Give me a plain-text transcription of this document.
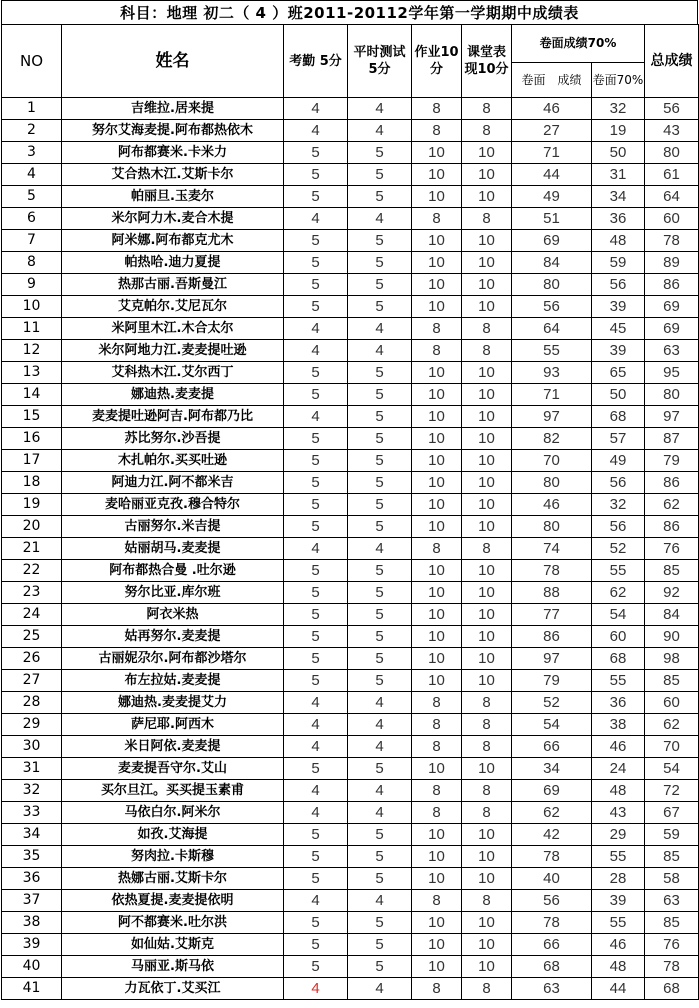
科目：地理 初二（ 4 ）班2011-20112学年第一学期期中成绩表
NO	姓名	考勤 5分	平时测试 5分	作业10分	课堂表现10分	卷面成绩70%		总成绩
						卷面　成绩	卷面70%	
1	吉维拉.居来提	4	4	8	8	46	32	56
2	努尔艾海麦提.阿布都热依木	4	4	8	8	27	19	43
3	阿布都赛米.卡米力	5	5	10	10	71	50	80
4	艾合热木江.艾斯卡尔	5	5	10	10	44	31	61
5	帕丽旦.玉麦尔	5	5	10	10	49	34	64
6	米尔阿力木.麦合木提	4	4	8	8	51	36	60
7	阿米娜.阿布都克尤木	5	5	10	10	69	48	78
8	帕热哈.迪力夏提	5	5	10	10	84	59	89
9	热那古丽.吾斯曼江	5	5	10	10	80	56	86
10	艾克帕尔.艾尼瓦尔	5	5	10	10	56	39	69
11	米阿里木江.木合太尔	4	4	8	8	64	45	69
12	米尔阿地力江.麦麦提吐逊	4	4	8	8	55	39	63
13	艾科热木江.艾尔西丁	5	5	10	10	93	65	95
14	娜迪热.麦麦提	5	5	10	10	71	50	80
15	麦麦提吐逊阿吉.阿布都乃比	4	5	10	10	97	68	97
16	苏比努尔.沙吾提	5	5	10	10	82	57	87
17	木扎帕尔.买买吐逊	5	5	10	10	70	49	79
18	阿迪力江.阿不都米吉	5	5	10	10	80	56	86
19	麦哈丽亚克孜.穆合特尔	5	5	10	10	46	32	62
20	古丽努尔.米吉提	5	5	10	10	80	56	86
21	姑丽胡马.麦麦提	4	4	8	8	74	52	76
22	阿布都热合曼 .吐尔逊	5	5	10	10	78	55	85
23	努尔比亚.库尔班	5	5	10	10	88	62	92
24	阿衣米热	5	5	10	10	77	54	84
25	姑再努尔.麦麦提	5	5	10	10	86	60	90
26	古丽妮尕尔.阿布都沙塔尔	5	5	10	10	97	68	98
27	布左拉姑.麦麦提	5	5	10	10	79	55	85
28	娜迪热.麦麦提艾力	4	4	8	8	52	36	60
29	萨尼耶.阿西木	4	4	8	8	54	38	62
30	米日阿依.麦麦提	4	4	8	8	66	46	70
31	麦麦提吾守尔.艾山	5	5	10	10	34	24	54
32	买尔旦江。买买提玉素甫	4	4	8	8	69	48	72
33	马依白尔.阿米尔	4	4	8	8	62	43	67
34	如孜.艾海提	5	5	10	10	42	29	59
35	努肉拉.卡斯穆	5	5	10	10	78	55	85
36	热娜古丽.艾斯卡尔	5	5	10	10	40	28	58
37	依热夏提.麦麦提依明	4	4	8	8	56	39	63
38	阿不都赛米.吐尔洪	5	5	10	10	78	55	85
39	如仙姑.艾斯克	5	5	10	10	66	46	76
40	马丽亚.斯马依	5	5	10	10	68	48	78
41	力瓦依丁.艾买江	4	4	8	8	63	44	68
